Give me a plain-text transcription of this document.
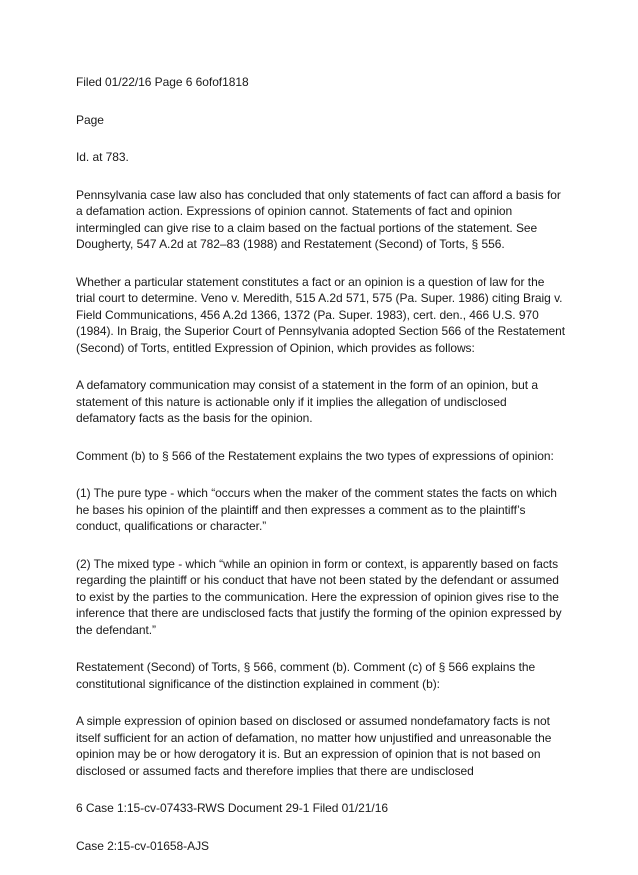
Filed 01/22/16 Page 6 6ofof1818

Page

Id. at 783.

Pennsylvania case law also has concluded that only statements of fact can afford a basis for a defamation action. Expressions of opinion cannot. Statements of fact and opinion intermingled can give rise to a claim based on the factual portions of the statement. See Dougherty, 547 A.2d at 782–83 (1988) and Restatement (Second) of Torts, § 556.

Whether a particular statement constitutes a fact or an opinion is a question of law for the trial court to determine. Veno v. Meredith, 515 A.2d 571, 575 (Pa. Super. 1986) citing Braig v. Field Communications, 456 A.2d 1366, 1372 (Pa. Super. 1983), cert. den., 466 U.S. 970 (1984). In Braig, the Superior Court of Pennsylvania adopted Section 566 of the Restatement (Second) of Torts, entitled Expression of Opinion, which provides as follows:

A defamatory communication may consist of a statement in the form of an opinion, but a statement of this nature is actionable only if it implies the allegation of undisclosed defamatory facts as the basis for the opinion.

Comment (b) to § 566 of the Restatement explains the two types of expressions of opinion:

(1) The pure type - which “occurs when the maker of the comment states the facts on which he bases his opinion of the plaintiff and then expresses a comment as to the plaintiff’s conduct, qualifications or character.”

(2) The mixed type - which “while an opinion in form or context, is apparently based on facts regarding the plaintiff or his conduct that have not been stated by the defendant or assumed to exist by the parties to the communication. Here the expression of opinion gives rise to the inference that there are undisclosed facts that justify the forming of the opinion expressed by the defendant.”

Restatement (Second) of Torts, § 566, comment (b). Comment (c) of § 566 explains the constitutional significance of the distinction explained in comment (b):

A simple expression of opinion based on disclosed or assumed nondefamatory facts is not itself sufficient for an action of defamation, no matter how unjustified and unreasonable the opinion may be or how derogatory it is. But an expression of opinion that is not based on disclosed or assumed facts and therefore implies that there are undisclosed

6 Case 1:15-cv-07433-RWS Document 29-1 Filed 01/21/16

Case 2:15-cv-01658-AJS
